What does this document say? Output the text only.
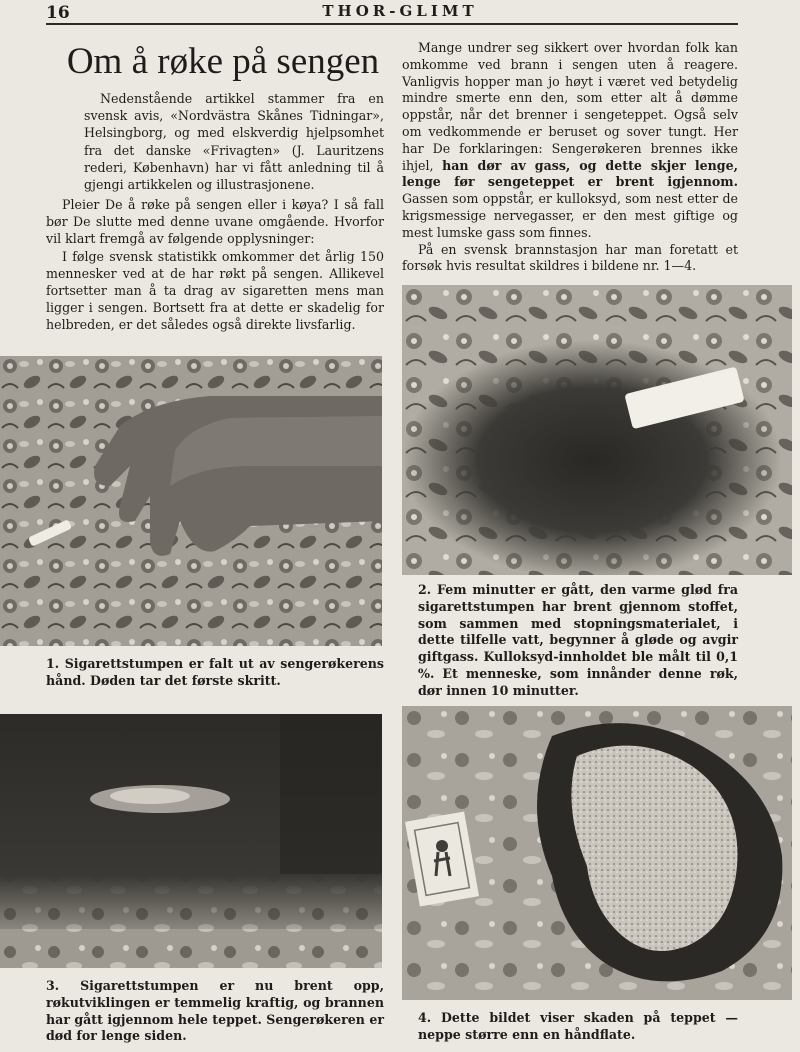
16	THOR-GLIMT
Om å røke på sengen

Nedenstående artikkel stammer fra en svensk avis, «Nordvästra Skånes Tidningar», Helsingborg, og med elskverdig hjelpsomhet fra det danske «Frivagten» (J. Lauritzens rederi, København) har vi fått anledning til å gjengi artikkelen og illustrasjonene.

Pleier De å røke på sengen eller i køya? I så fall bør De slutte med denne uvane omgående. Hvorfor vil klart fremgå av følgende opplysninger:

I følge svensk statistikk omkommer det årlig 150 mennesker ved at de har røkt på sengen. Allikevel fortsetter man å ta drag av sigaretten mens man ligger i sengen. Bortsett fra at dette er skadelig for helbreden, er det således også direkte livsfarlig.

Mange undrer seg sikkert over hvordan folk kan omkomme ved brann i sengen uten å reagere. Vanligvis hopper man jo høyt i været ved betydelig mindre smerte enn den, som etter alt å dømme oppstår, når det brenner i sengeteppet. Også selv om vedkommende er beruset og sover tungt. Her har De forklaringen: Sengerøkeren brennes ikke ihjel, han dør av gass, og dette skjer lenge, lenge før sengeteppet er brent igjennom. Gassen som oppstår, er kulloksyd, som nest etter de krigsmessige nervegasser, er den mest giftige og mest lumske gass som finnes.

På en svensk brannstasjon har man foretatt et forsøk hvis resultat skildres i bildene nr. 1—4.

1. Sigarettstumpen er falt ut av sengerøkerens hånd. Døden tar det første skritt.
2. Fem minutter er gått, den varme glød fra sigarettstumpen har brent gjennom stoffet, som sammen med stopningsmaterialet, i dette tilfelle vatt, begynner å gløde og avgir giftgass. Kulloksyd-innholdet ble målt til 0,1 %. Et menneske, som innånder denne røk, dør innen 10 minutter.
3. Sigarettstumpen er nu brent opp, røkutviklingen er temmelig kraftig, og brannen har gått igjennom hele teppet. Sengerøkeren er død for lenge siden.
4. Dette bildet viser skaden på teppet — neppe større enn en håndflate.
